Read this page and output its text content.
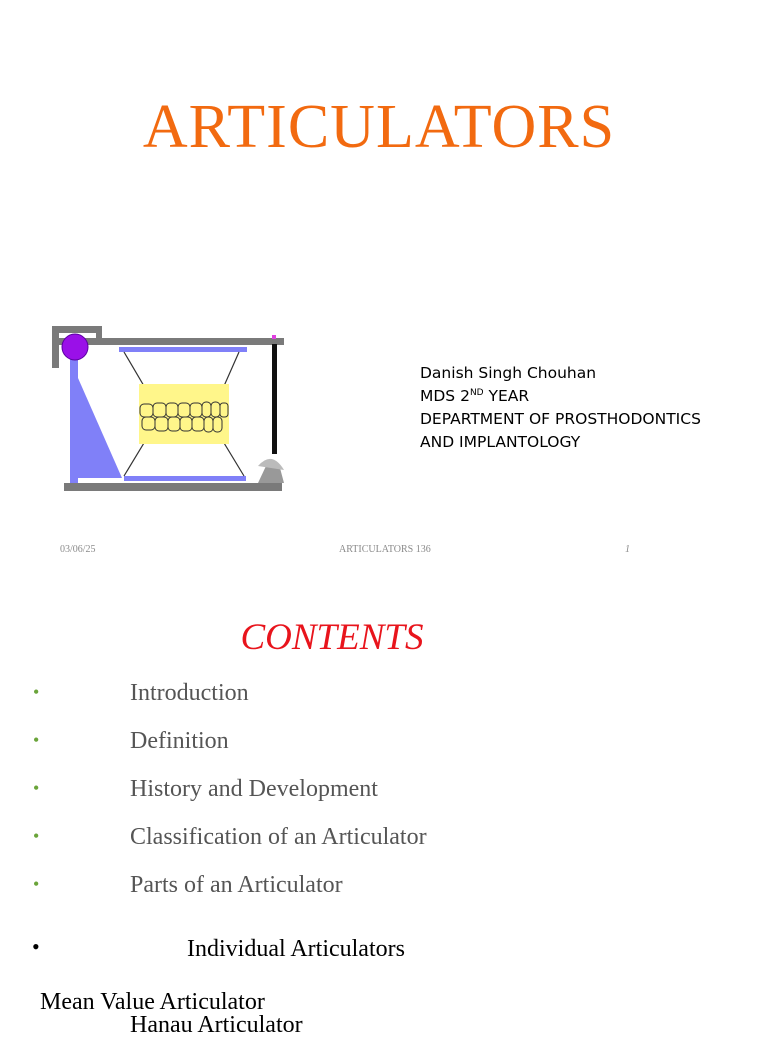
ARTICULATORS
Danish Singh Chouhan
MDS 2ND YEAR
DEPARTMENT OF PROSTHODONTICS
AND IMPLANTOLOGY
03/06/25	ARTICULATORS 136	1
CONTENTS
•	Introduction
•	Definition
•	History and Development
•	Classification of an Articulator
•	Parts of an Articulator
•	Individual Articulators
Mean Value Articulator
Hanau Articulator
